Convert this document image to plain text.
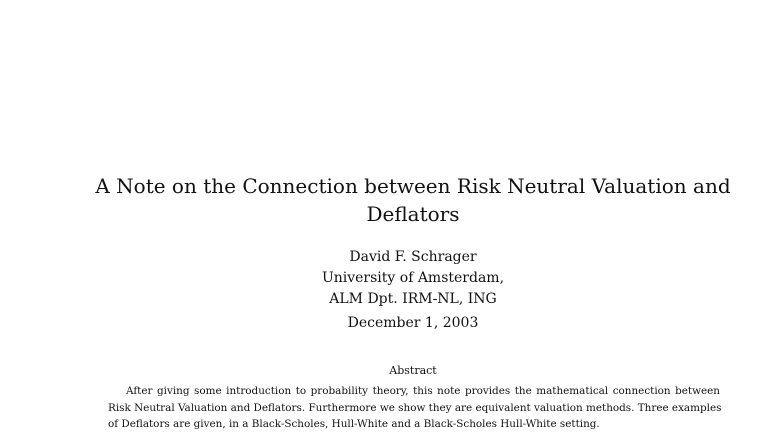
A Note on the Connection between Risk Neutral Valuation and
Deflators
David F. Schrager
University of Amsterdam,
ALM Dpt. IRM-NL, ING
December 1, 2003
Abstract
After giving some introduction to probability theory, this note provides the mathematical connection between
Risk Neutral Valuation and Deflators. Furthermore we show they are equivalent valuation methods. Three examples
of Deflators are given, in a Black-Scholes, Hull-White and a Black-Scholes Hull-White setting.
